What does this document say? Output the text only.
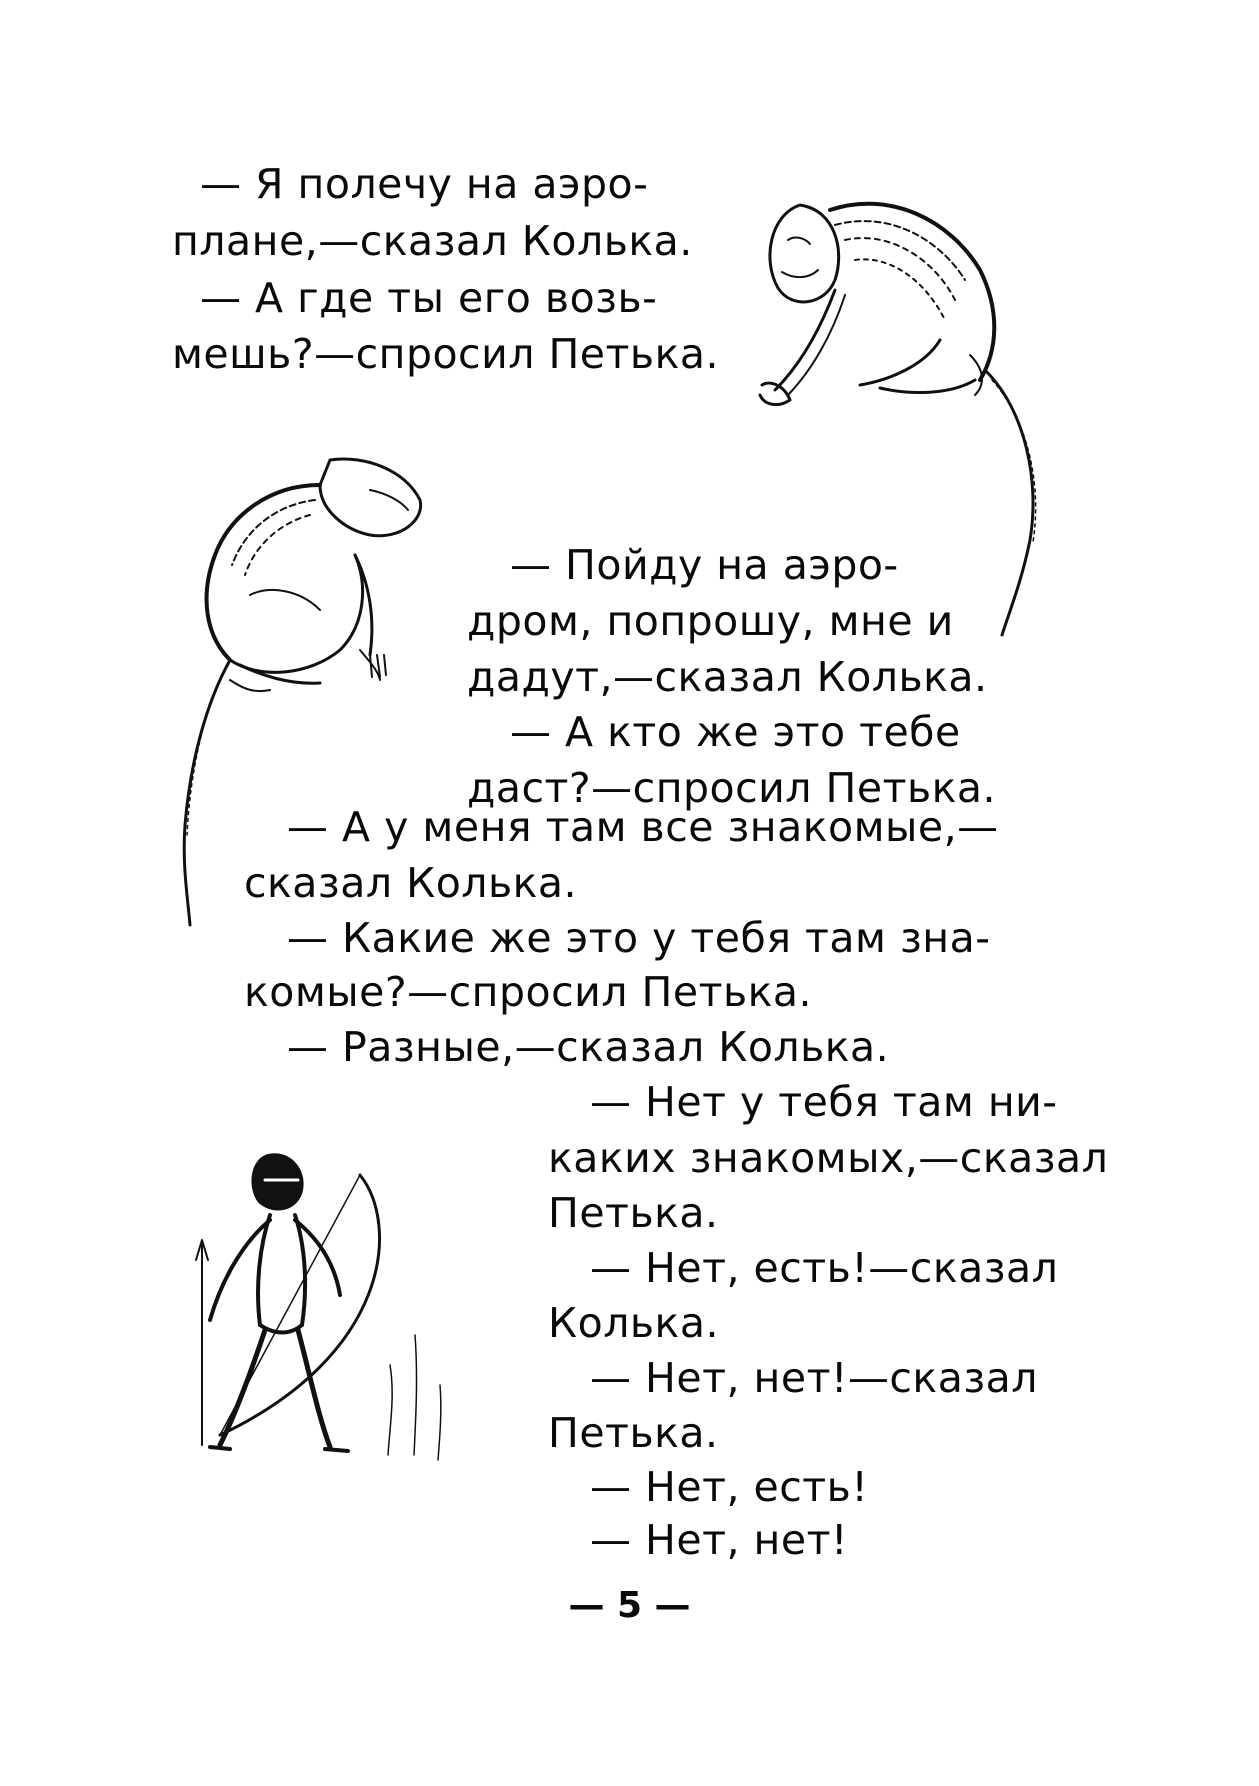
— Я полечу на аэро-
плане,—сказал Колька.
— А где ты его возь-
мешь?—спросил Петька.
— Пойду на аэро-
дром, попрошу, мне и
дадут,—сказал Колька.
— А кто же это тебе
даст?—спросил Петька.
— А у меня там все знакомые,—
сказал Колька.
— Какие же это у тебя там зна-
комые?—спросил Петька.
— Разные,—сказал Колька.
— Нет у тебя там ни-
каких знакомых,—сказал
Петька.
— Нет, есть!—сказал
Колька.
— Нет, нет!—сказал
Петька.
— Нет, есть!
— Нет, нет!
— 5 —
